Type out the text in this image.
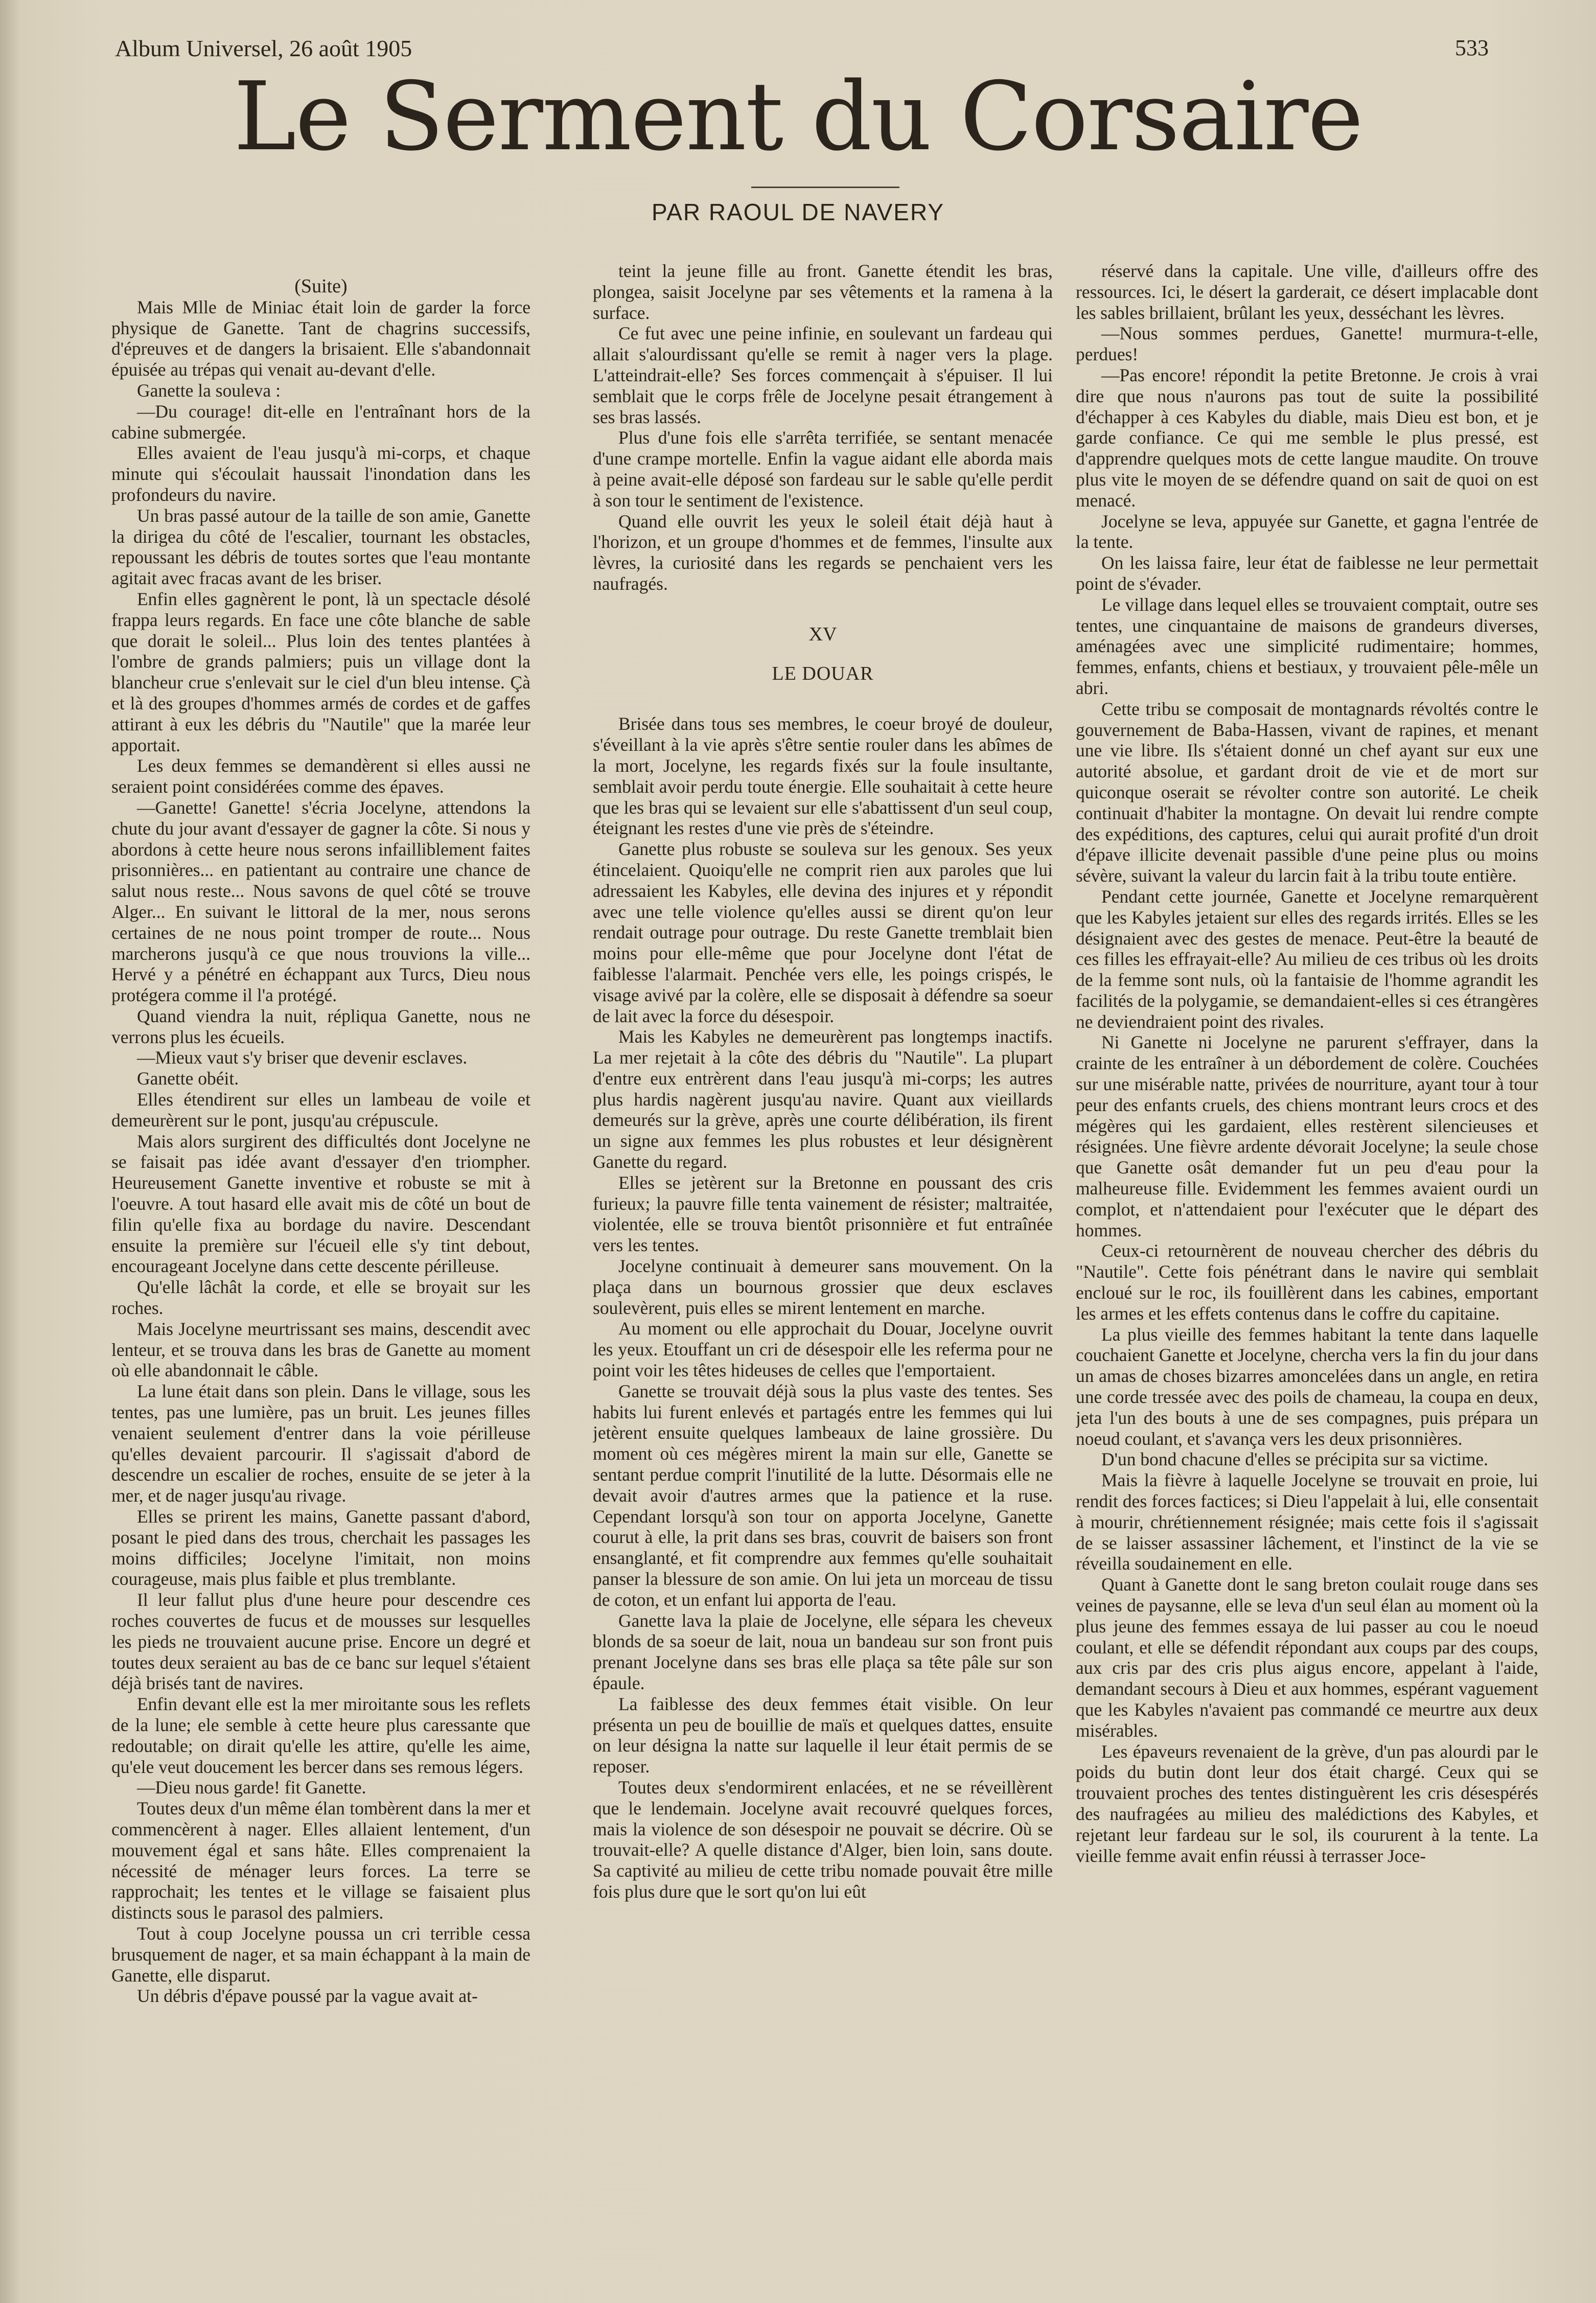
Album Universel, 26 août 1905	533
Le Serment du Corsaire
PAR RAOUL DE NAVERY

(Suite)

Mais Mlle de Miniac était loin de garder la force physique de Ganette. Tant de chagrins successifs, d'épreuves et de dangers la brisaient. Elle s'abandonnait épuisée au trépas qui venait au-devant d'elle.

Ganette la souleva :

—Du courage! dit-elle en l'entraînant hors de la cabine submergée.

Elles avaient de l'eau jusqu'à mi-corps, et chaque minute qui s'écoulait haussait l'inondation dans les profondeurs du navire.

Un bras passé autour de la taille de son amie, Ganette la dirigea du côté de l'escalier, tournant les obstacles, repoussant les débris de toutes sortes que l'eau montante agitait avec fracas avant de les briser.

Enfin elles gagnèrent le pont, là un spectacle désolé frappa leurs regards. En face une côte blanche de sable que dorait le soleil... Plus loin des tentes plantées à l'ombre de grands palmiers; puis un village dont la blancheur crue s'enlevait sur le ciel d'un bleu intense. Çà et là des groupes d'hommes armés de cordes et de gaffes attirant à eux les débris du "Nautile" que la marée leur apportait.

Les deux femmes se demandèrent si elles aussi ne seraient point considérées comme des épaves.

—Ganette! Ganette! s'écria Jocelyne, attendons la chute du jour avant d'essayer de gagner la côte. Si nous y abordons à cette heure nous serons infailliblement faites prisonnières... en patientant au contraire une chance de salut nous reste... Nous savons de quel côté se trouve Alger... En suivant le littoral de la mer, nous serons certaines de ne nous point tromper de route... Nous marcherons jusqu'à ce que nous trouvions la ville... Hervé y a pénétré en échappant aux Turcs, Dieu nous protégera comme il l'a protégé.

Quand viendra la nuit, répliqua Ganette, nous ne verrons plus les écueils.

—Mieux vaut s'y briser que devenir esclaves.

Ganette obéit.

Elles étendirent sur elles un lambeau de voile et demeurèrent sur le pont, jusqu'au crépuscule.

Mais alors surgirent des difficultés dont Jocelyne ne se faisait pas idée avant d'essayer d'en triompher. Heureusement Ganette inventive et robuste se mit à l'oeuvre. A tout hasard elle avait mis de côté un bout de filin qu'elle fixa au bordage du navire. Descendant ensuite la première sur l'écueil elle s'y tint debout, encourageant Jocelyne dans cette descente périlleuse.

Qu'elle lâchât la corde, et elle se broyait sur les roches.

Mais Jocelyne meurtrissant ses mains, descendit avec lenteur, et se trouva dans les bras de Ganette au moment où elle abandonnait le câble.

La lune était dans son plein. Dans le village, sous les tentes, pas une lumière, pas un bruit. Les jeunes filles venaient seulement d'entrer dans la voie périlleuse qu'elles devaient parcourir. Il s'agissait d'abord de descendre un escalier de roches, ensuite de se jeter à la mer, et de nager jusqu'au rivage.

Elles se prirent les mains, Ganette passant d'abord, posant le pied dans des trous, cherchait les passages les moins difficiles; Jocelyne l'imitait, non moins courageuse, mais plus faible et plus tremblante.

Il leur fallut plus d'une heure pour descendre ces roches couvertes de fucus et de mousses sur lesquelles les pieds ne trouvaient aucune prise. Encore un degré et toutes deux seraient au bas de ce banc sur lequel s'étaient déjà brisés tant de navires.

Enfin devant elle est la mer miroitante sous les reflets de la lune; ele semble à cette heure plus caressante que redoutable; on dirait qu'elle les attire, qu'elle les aime, qu'ele veut doucement les bercer dans ses remous légers.

—Dieu nous garde! fit Ganette.

Toutes deux d'un même élan tombèrent dans la mer et commencèrent à nager. Elles allaient lentement, d'un mouvement égal et sans hâte. Elles comprenaient la nécessité de ménager leurs forces. La terre se rapprochait; les tentes et le village se faisaient plus distincts sous le parasol des palmiers.

Tout à coup Jocelyne poussa un cri terrible cessa brusquement de nager, et sa main échappant à la main de Ganette, elle disparut.

Un débris d'épave poussé par la vague avait at-

teint la jeune fille au front. Ganette étendit les bras, plongea, saisit Jocelyne par ses vêtements et la ramena à la surface.

Ce fut avec une peine infinie, en soulevant un fardeau qui allait s'alourdissant qu'elle se remit à nager vers la plage. L'atteindrait-elle? Ses forces commençait à s'épuiser. Il lui semblait que le corps frêle de Jocelyne pesait étrangement à ses bras lassés.

Plus d'une fois elle s'arrêta terrifiée, se sentant menacée d'une crampe mortelle. Enfin la vague aidant elle aborda mais à peine avait-elle déposé son fardeau sur le sable qu'elle perdit à son tour le sentiment de l'existence.

Quand elle ouvrit les yeux le soleil était déjà haut à l'horizon, et un groupe d'hommes et de femmes, l'insulte aux lèvres, la curiosité dans les regards se penchaient vers les naufragés.

XV
LE DOUAR

Brisée dans tous ses membres, le coeur broyé de douleur, s'éveillant à la vie après s'être sentie rouler dans les abîmes de la mort, Jocelyne, les regards fixés sur la foule insultante, semblait avoir perdu toute énergie. Elle souhaitait à cette heure que les bras qui se levaient sur elle s'abattissent d'un seul coup, éteignant les restes d'une vie près de s'éteindre.

Ganette plus robuste se souleva sur les genoux. Ses yeux étincelaient. Quoiqu'elle ne comprit rien aux paroles que lui adressaient les Kabyles, elle devina des injures et y répondit avec une telle violence qu'elles aussi se dirent qu'on leur rendait outrage pour outrage. Du reste Ganette tremblait bien moins pour elle-même que pour Jocelyne dont l'état de faiblesse l'alarmait. Penchée vers elle, les poings crispés, le visage avivé par la colère, elle se disposait à défendre sa soeur de lait avec la force du désespoir.

Mais les Kabyles ne demeurèrent pas longtemps inactifs. La mer rejetait à la côte des débris du "Nautile". La plupart d'entre eux entrèrent dans l'eau jusqu'à mi-corps; les autres plus hardis nagèrent jusqu'au navire. Quant aux vieillards demeurés sur la grève, après une courte délibération, ils firent un signe aux femmes les plus robustes et leur désignèrent Ganette du regard.

Elles se jetèrent sur la Bretonne en poussant des cris furieux; la pauvre fille tenta vainement de résister; maltraitée, violentée, elle se trouva bientôt prisonnière et fut entraînée vers les tentes.

Jocelyne continuait à demeurer sans mouvement. On la plaça dans un bournous grossier que deux esclaves soulevèrent, puis elles se mirent lentement en marche.

Au moment ou elle approchait du Douar, Jocelyne ouvrit les yeux. Etouffant un cri de désespoir elle les referma pour ne point voir les têtes hideuses de celles que l'emportaient.

Ganette se trouvait déjà sous la plus vaste des tentes. Ses habits lui furent enlevés et partagés entre les femmes qui lui jetèrent ensuite quelques lambeaux de laine grossière. Du moment où ces mégères mirent la main sur elle, Ganette se sentant perdue comprit l'inutilité de la lutte. Désormais elle ne devait avoir d'autres armes que la patience et la ruse. Cependant lorsqu'à son tour on apporta Jocelyne, Ganette courut à elle, la prit dans ses bras, couvrit de baisers son front ensanglanté, et fit comprendre aux femmes qu'elle souhaitait panser la blessure de son amie. On lui jeta un morceau de tissu de coton, et un enfant lui apporta de l'eau.

Ganette lava la plaie de Jocelyne, elle sépara les cheveux blonds de sa soeur de lait, noua un bandeau sur son front puis prenant Jocelyne dans ses bras elle plaça sa tête pâle sur son épaule.

La faiblesse des deux femmes était visible. On leur présenta un peu de bouillie de maïs et quelques dattes, ensuite on leur désigna la natte sur laquelle il leur était permis de se reposer.

Toutes deux s'endormirent enlacées, et ne se réveillèrent que le lendemain. Jocelyne avait recouvré quelques forces, mais la violence de son désespoir ne pouvait se décrire. Où se trouvait-elle? A quelle distance d'Alger, bien loin, sans doute. Sa captivité au milieu de cette tribu nomade pouvait être mille fois plus dure que le sort qu'on lui eût

réservé dans la capitale. Une ville, d'ailleurs offre des ressources. Ici, le désert la garderait, ce désert implacable dont les sables brillaient, brûlant les yeux, desséchant les lèvres.

—Nous sommes perdues, Ganette! murmura-t-elle, perdues!

—Pas encore! répondit la petite Bretonne. Je crois à vrai dire que nous n'aurons pas tout de suite la possibilité d'échapper à ces Kabyles du diable, mais Dieu est bon, et je garde confiance. Ce qui me semble le plus pressé, est d'apprendre quelques mots de cette langue maudite. On trouve plus vite le moyen de se défendre quand on sait de quoi on est menacé.

Jocelyne se leva, appuyée sur Ganette, et gagna l'entrée de la tente.

On les laissa faire, leur état de faiblesse ne leur permettait point de s'évader.

Le village dans lequel elles se trouvaient comptait, outre ses tentes, une cinquantaine de maisons de grandeurs diverses, aménagées avec une simplicité rudimentaire; hommes, femmes, enfants, chiens et bestiaux, y trouvaient pêle-mêle un abri.

Cette tribu se composait de montagnards révoltés contre le gouvernement de Baba-Hassen, vivant de rapines, et menant une vie libre. Ils s'étaient donné un chef ayant sur eux une autorité absolue, et gardant droit de vie et de mort sur quiconque oserait se révolter contre son autorité. Le cheik continuait d'habiter la montagne. On devait lui rendre compte des expéditions, des captures, celui qui aurait profité d'un droit d'épave illicite devenait passible d'une peine plus ou moins sévère, suivant la valeur du larcin fait à la tribu toute entière.

Pendant cette journée, Ganette et Jocelyne remarquèrent que les Kabyles jetaient sur elles des regards irrités. Elles se les désignaient avec des gestes de menace. Peut-être la beauté de ces filles les effrayait-elle? Au milieu de ces tribus où les droits de la femme sont nuls, où la fantaisie de l'homme agrandit les facilités de la polygamie, se demandaient-elles si ces étrangères ne deviendraient point des rivales.

Ni Ganette ni Jocelyne ne parurent s'effrayer, dans la crainte de les entraîner à un débordement de colère. Couchées sur une misérable natte, privées de nourriture, ayant tour à tour peur des enfants cruels, des chiens montrant leurs crocs et des mégères qui les gardaient, elles restèrent silencieuses et résignées. Une fièvre ardente dévorait Jocelyne; la seule chose que Ganette osât demander fut un peu d'eau pour la malheureuse fille. Evidemment les femmes avaient ourdi un complot, et n'attendaient pour l'exécuter que le départ des hommes.

Ceux-ci retournèrent de nouveau chercher des débris du "Nautile". Cette fois pénétrant dans le navire qui semblait encloué sur le roc, ils fouillèrent dans les cabines, emportant les armes et les effets contenus dans le coffre du capitaine.

La plus vieille des femmes habitant la tente dans laquelle couchaient Ganette et Jocelyne, chercha vers la fin du jour dans un amas de choses bizarres amoncelées dans un angle, en retira une corde tressée avec des poils de chameau, la coupa en deux, jeta l'un des bouts à une de ses compagnes, puis prépara un noeud coulant, et s'avança vers les deux prisonnières.

D'un bond chacune d'elles se précipita sur sa victime.

Mais la fièvre à laquelle Jocelyne se trouvait en proie, lui rendit des forces factices; si Dieu l'appelait à lui, elle consentait à mourir, chrétiennement résignée; mais cette fois il s'agissait de se laisser assassiner lâchement, et l'instinct de la vie se réveilla soudainement en elle.

Quant à Ganette dont le sang breton coulait rouge dans ses veines de paysanne, elle se leva d'un seul élan au moment où la plus jeune des femmes essaya de lui passer au cou le noeud coulant, et elle se défendit répondant aux coups par des coups, aux cris par des cris plus aigus encore, appelant à l'aide, demandant secours à Dieu et aux hommes, espérant vaguement que les Kabyles n'avaient pas commandé ce meurtre aux deux misérables.

Les épaveurs revenaient de la grève, d'un pas alourdi par le poids du butin dont leur dos était chargé. Ceux qui se trouvaient proches des tentes distinguèrent les cris désespérés des naufragées au milieu des malédictions des Kabyles, et rejetant leur fardeau sur le sol, ils coururent à la tente. La vieille femme avait enfin réussi à terrasser Joce-
